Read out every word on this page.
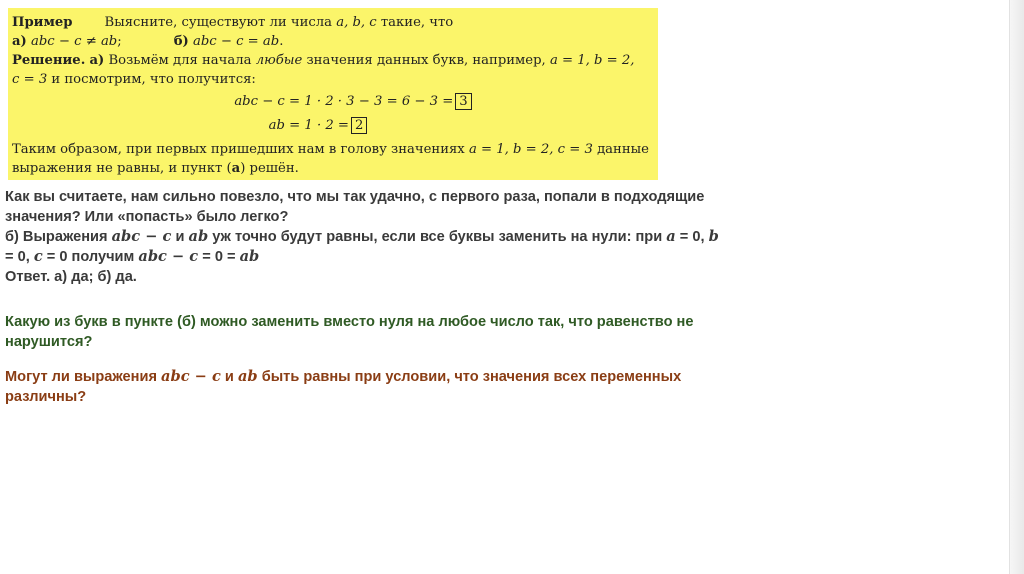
Пример Выясните, существуют ли числа a, b, c такие, что
а) abc − c ≠ ab;	б) abc − c = ab.
Решение. а) Возьмём для начала любые значения данных букв, например, a = 1, b = 2,
c = 3 и посмотрим, что получится:
abc − c = 1 · 2 · 3 − 3 = 6 − 3 = 3
ab = 1 · 2 = 2
Таким образом, при первых пришедших нам в голову значениях a = 1, b = 2, c = 3 данные
выражения не равны, и пункт (а) решён.
Как вы считаете, нам сильно повезло, что мы так удачно, с первого раза, попали в подходящие
значения? Или «попасть» было легко?
б) Выражения abc − c и ab уж точно будут равны, если все буквы заменить на нули: при a = 0, b
= 0, c = 0 получим abc − c = 0 = ab
Ответ. а) да; б) да.
Какую из букв в пункте (б) можно заменить вместо нуля на любое число так, что равенство не
нарушится?
Могут ли выражения abc − c и ab быть равны при условии, что значения всех переменных
различны?
